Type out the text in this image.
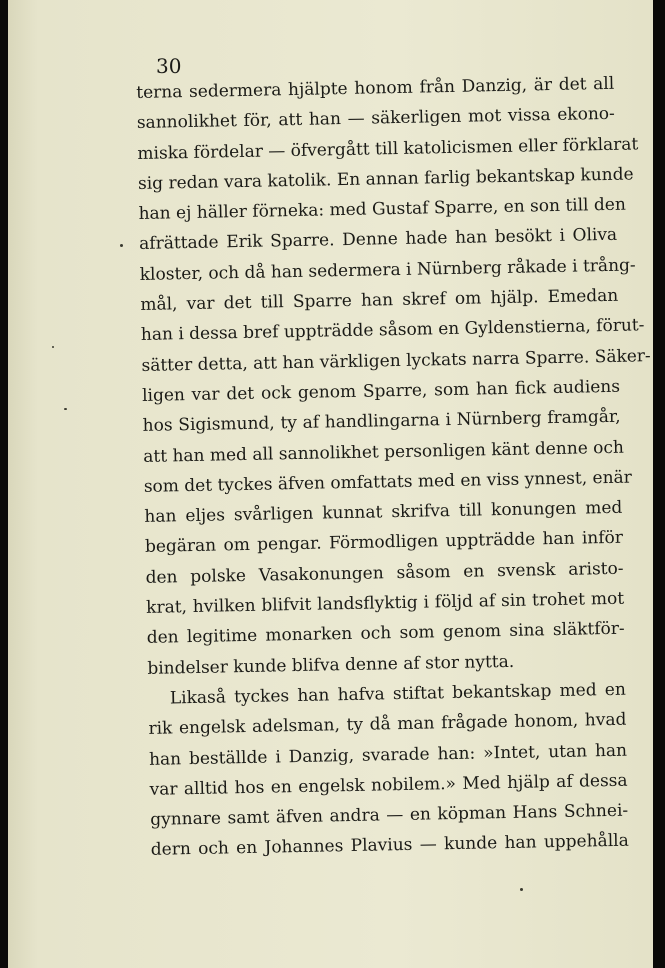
30
terna sedermera hjälpte honom från Danzig, är det all
sannolikhet för, att han — säkerligen mot vissa ekono-
miska fördelar — öfvergått till katolicismen eller förklarat
sig redan vara katolik. En annan farlig bekantskap kunde
han ej häller förneka: med Gustaf Sparre, en son till den
afrättade Erik Sparre. Denne hade han besökt i Oliva
kloster, och då han sedermera i Nürnberg råkade i trång-
mål, var det till Sparre han skref om hjälp. Emedan
han i dessa bref uppträdde såsom en Gyldenstierna, förut-
sätter detta, att han värkligen lyckats narra Sparre. Säker-
ligen var det ock genom Sparre, som han fick audiens
hos Sigismund, ty af handlingarna i Nürnberg framgår,
att han med all sannolikhet personligen känt denne och
som det tyckes äfven omfattats med en viss ynnest, enär
han eljes svårligen kunnat skrifva till konungen med
begäran om pengar. Förmodligen uppträdde han inför
den polske Vasakonungen såsom en svensk aristo-
krat, hvilken blifvit landsflyktig i följd af sin trohet mot
den legitime monarken och som genom sina släktför-
bindelser kunde blifva denne af stor nytta.
Likaså tyckes han hafva stiftat bekantskap med en
rik engelsk adelsman, ty då man frågade honom, hvad
han beställde i Danzig, svarade han: »Intet, utan han
var alltid hos en engelsk nobilem.» Med hjälp af dessa
gynnare samt äfven andra — en köpman Hans Schnei-
dern och en Johannes Plavius — kunde han uppehålla
